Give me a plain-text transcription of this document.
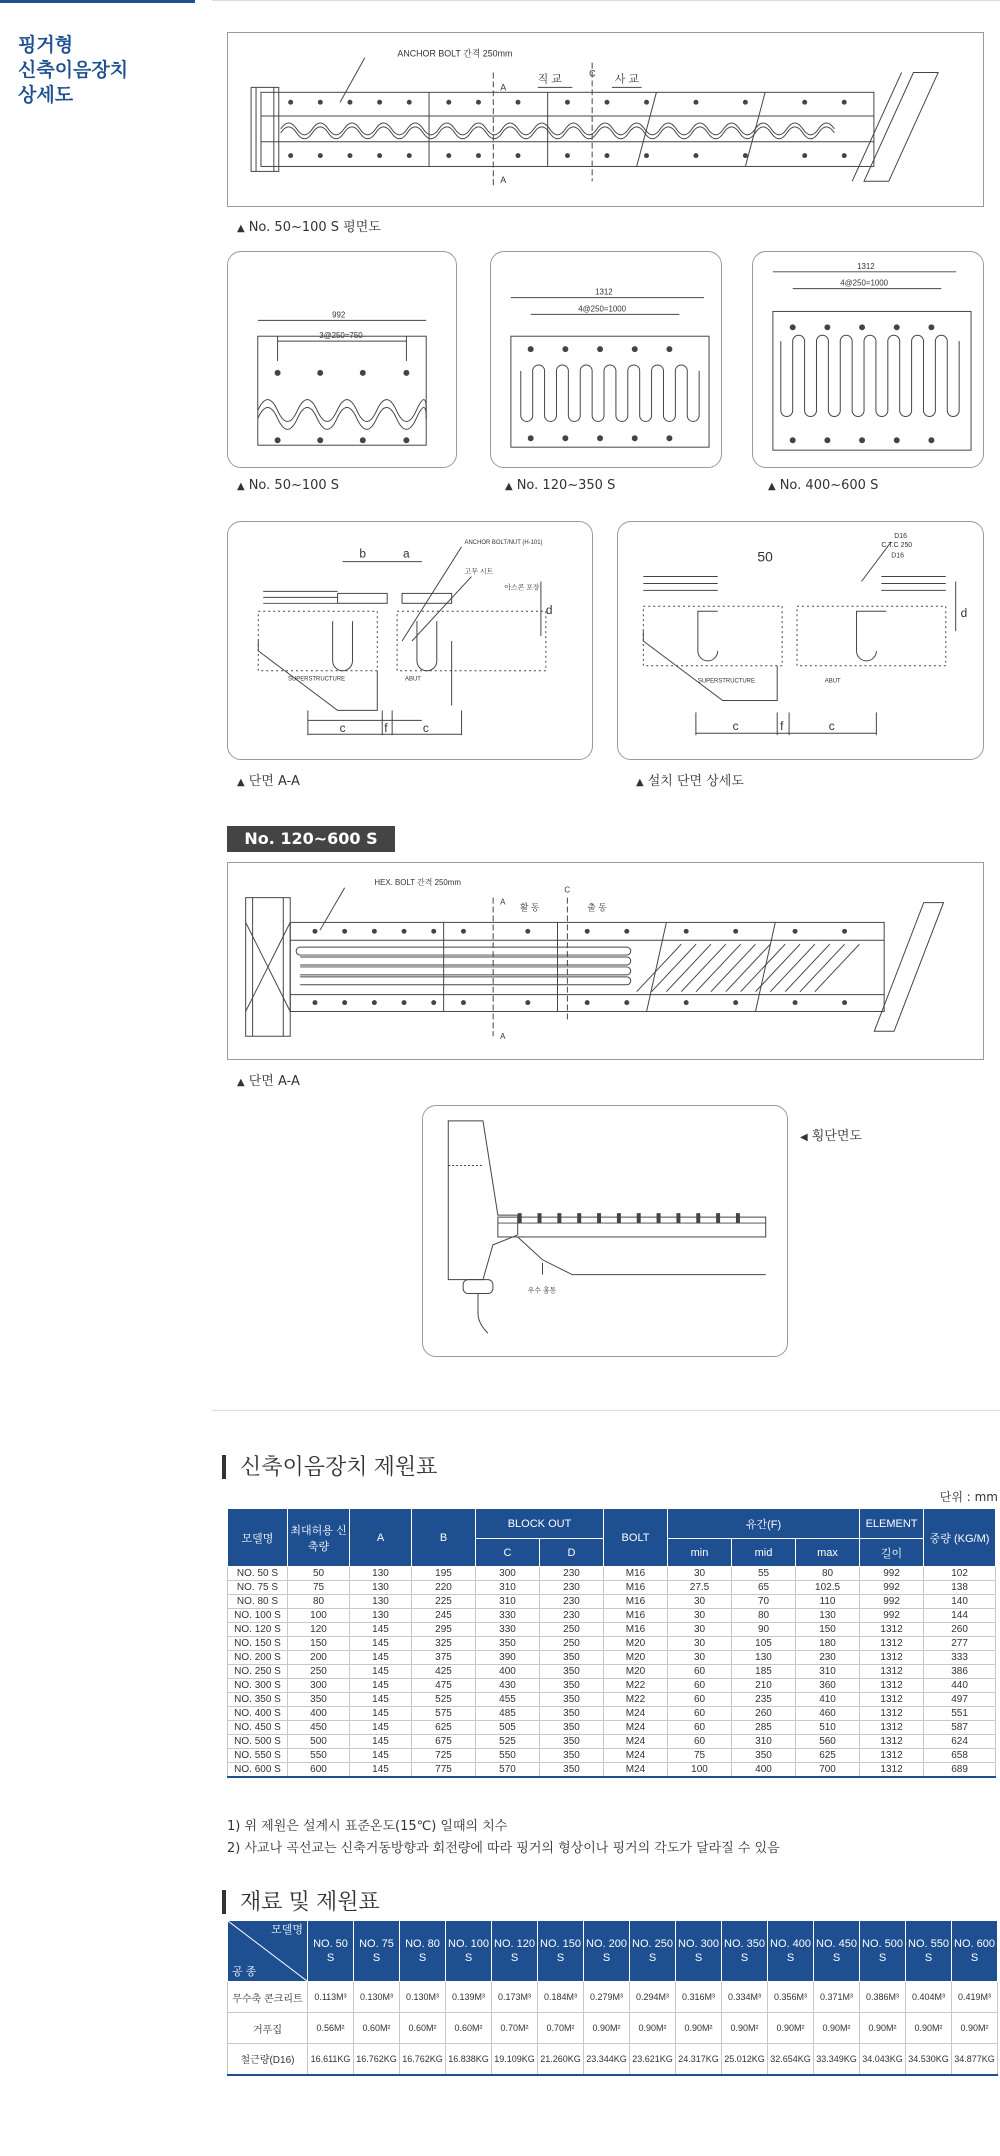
핑거형
신축이음장치
상세도
ANCHOR BOLT 간격 250mm
A
A
C
직 교	사 교
▲ No. 50~100 S 평면도
992
3@250=750
1312
4@250=1000
1312
4@250=1000
▲ No. 50~100 S	▲ No. 120~350 S	▲ No. 400~600 S
b	a
ANCHOR BOLT/NUT (H-101)
고무 시트
아스콘 포장
d
SUPERSTRUCTURE	ABUT
c	f	c
50
D16
C.T.C 250
D16
d
SUPERSTRUCTURE	ABUT
c	f	c
▲ 단면 A-A	▲ 설치 단면 상세도
No. 120~600 S
HEX. BOLT 간격 250mm
A
A
C
활 동	출 동
▲ 단면 A-A
우수 홈통
◀ 횡단면도
신축이음장치 제원표
단위 : mm
모델명	최대허용 신축량	A	B	BLOCK OUT		BOLT	유간(F)			ELEMENT	중량 (KG/M)
				C	D		min	mid	max	길이	
NO. 50 S	50	130	195	300	230	M16	30	55	80	992	102
NO. 75 S	75	130	220	310	230	M16	27.5	65	102.5	992	138
NO. 80 S	80	130	225	310	230	M16	30	70	110	992	140
NO. 100 S	100	130	245	330	230	M16	30	80	130	992	144
NO. 120 S	120	145	295	330	250	M16	30	90	150	1312	260
NO. 150 S	150	145	325	350	250	M20	30	105	180	1312	277
NO. 200 S	200	145	375	390	350	M20	30	130	230	1312	333
NO. 250 S	250	145	425	400	350	M20	60	185	310	1312	386
NO. 300 S	300	145	475	430	350	M22	60	210	360	1312	440
NO. 350 S	350	145	525	455	350	M22	60	235	410	1312	497
NO. 400 S	400	145	575	485	350	M24	60	260	460	1312	551
NO. 450 S	450	145	625	505	350	M24	60	285	510	1312	587
NO. 500 S	500	145	675	525	350	M24	60	310	560	1312	624
NO. 550 S	550	145	725	550	350	M24	75	350	625	1312	658
NO. 600 S	600	145	775	570	350	M24	100	400	700	1312	689
1) 위 제원은 설계시 표준온도(15℃) 일때의 치수
2) 사교나 곡선교는 신축거동방향과 회전량에 따라 핑거의 형상이나 핑거의 각도가 달라질 수 있음
재료 및 제원표
모델명
공 종	NO. 50 S	NO. 75 S	NO. 80 S	NO. 100 S	NO. 120 S	NO. 150 S	NO. 200 S	NO. 250 S	NO. 300 S	NO. 350 S	NO. 400 S	NO. 450 S	NO. 500 S	NO. 550 S	NO. 600 S
무수축 콘크리트	0.113M³	0.130M³	0.130M³	0.139M³	0.173M³	0.184M³	0.279M³	0.294M³	0.316M³	0.334M³	0.356M³	0.371M³	0.386M³	0.404M³	0.419M³
거푸집	0.56M²	0.60M²	0.60M²	0.60M²	0.70M²	0.70M²	0.90M²	0.90M²	0.90M²	0.90M²	0.90M²	0.90M²	0.90M²	0.90M²	0.90M²
철근량(D16)	16.611KG	16.762KG	16.762KG	16.838KG	19.109KG	21.260KG	23.344KG	23.621KG	24.317KG	25.012KG	32.654KG	33.349KG	34.043KG	34.530KG	34.877KG
